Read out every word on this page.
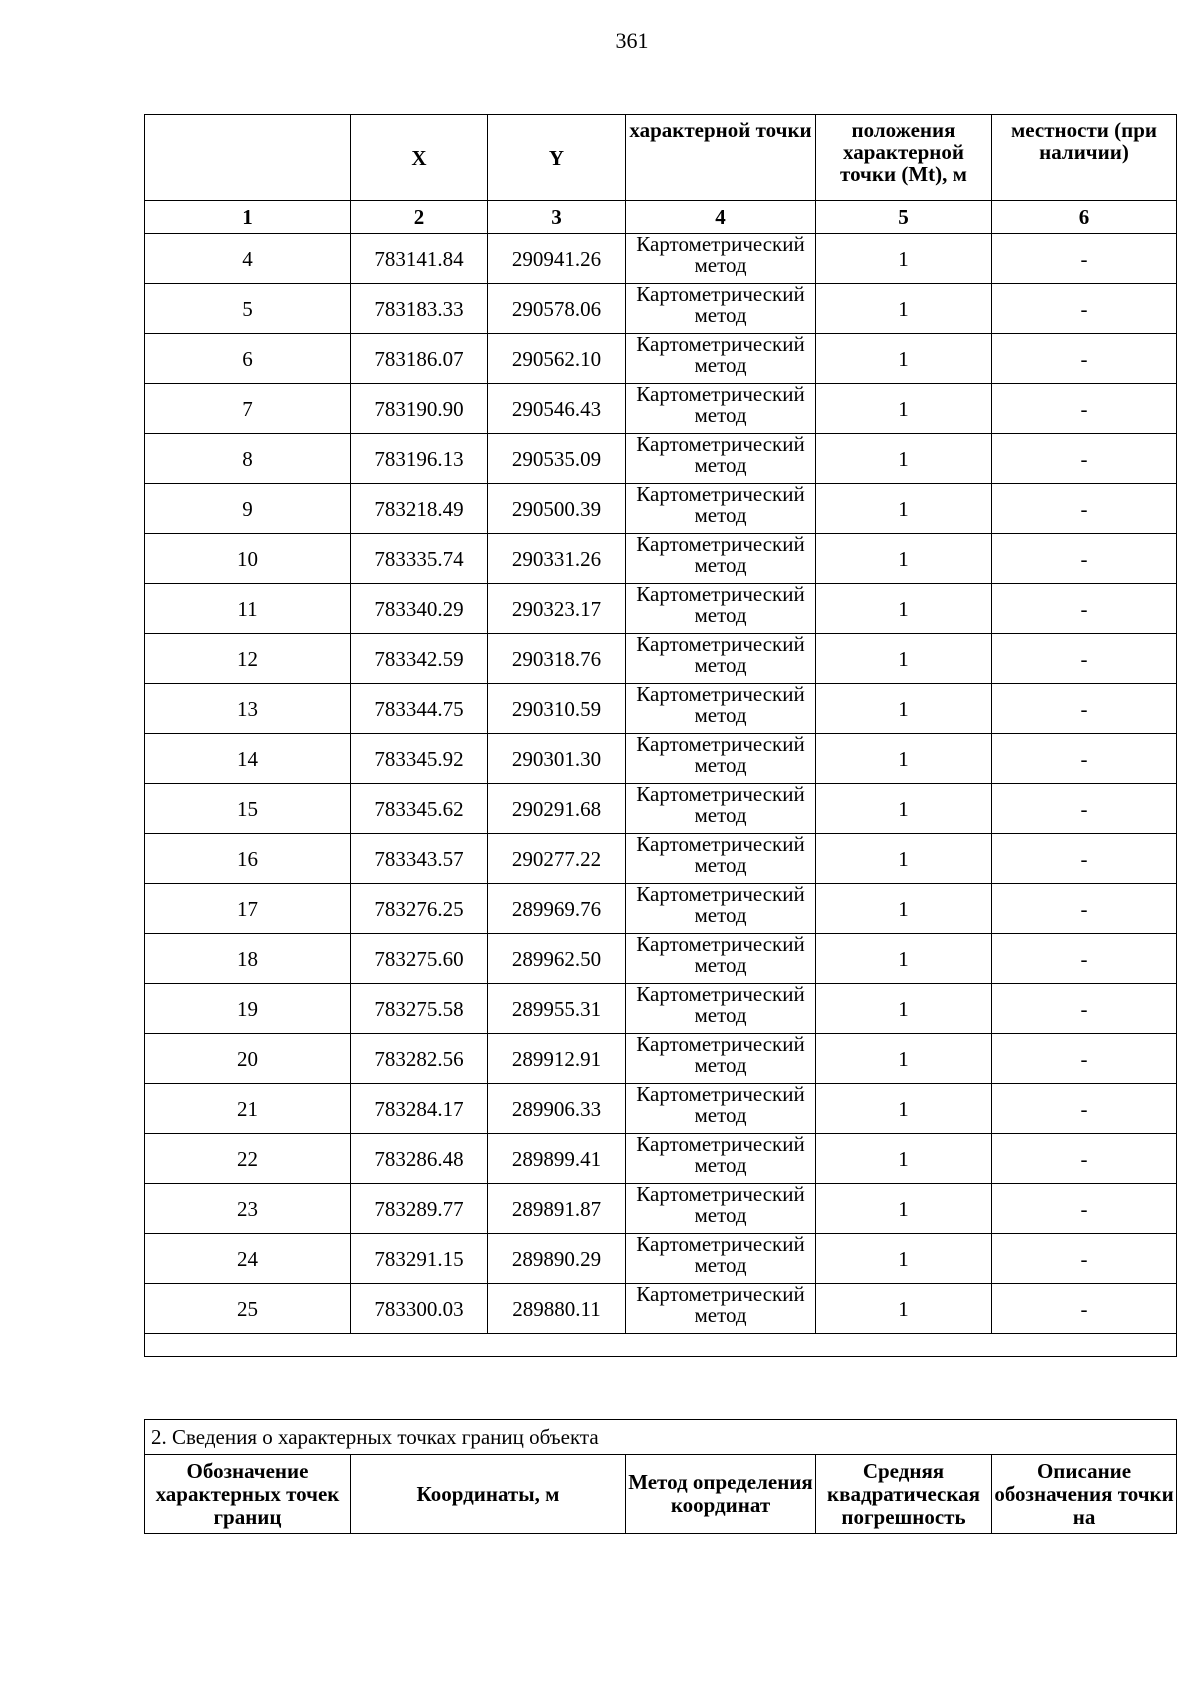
361
	X	Y	характерной точки	положения характерной точки (Mt), м	местности (при наличии)
1	2	3	4	5	6
4	783141.84	290941.26	Картометрический метод	1	-
5	783183.33	290578.06	Картометрический метод	1	-
6	783186.07	290562.10	Картометрический метод	1	-
7	783190.90	290546.43	Картометрический метод	1	-
8	783196.13	290535.09	Картометрический метод	1	-
9	783218.49	290500.39	Картометрический метод	1	-
10	783335.74	290331.26	Картометрический метод	1	-
11	783340.29	290323.17	Картометрический метод	1	-
12	783342.59	290318.76	Картометрический метод	1	-
13	783344.75	290310.59	Картометрический метод	1	-
14	783345.92	290301.30	Картометрический метод	1	-
15	783345.62	290291.68	Картометрический метод	1	-
16	783343.57	290277.22	Картометрический метод	1	-
17	783276.25	289969.76	Картометрический метод	1	-
18	783275.60	289962.50	Картометрический метод	1	-
19	783275.58	289955.31	Картометрический метод	1	-
20	783282.56	289912.91	Картометрический метод	1	-
21	783284.17	289906.33	Картометрический метод	1	-
22	783286.48	289899.41	Картометрический метод	1	-
23	783289.77	289891.87	Картометрический метод	1	-
24	783291.15	289890.29	Картометрический метод	1	-
25	783300.03	289880.11	Картометрический метод	1	-

2. Сведения о характерных точках границ объекта
Обозначение характерных точек границ	Координаты, м	Метод определения координат	Средняя квадратическая погрешность	Описание обозначения точки на
